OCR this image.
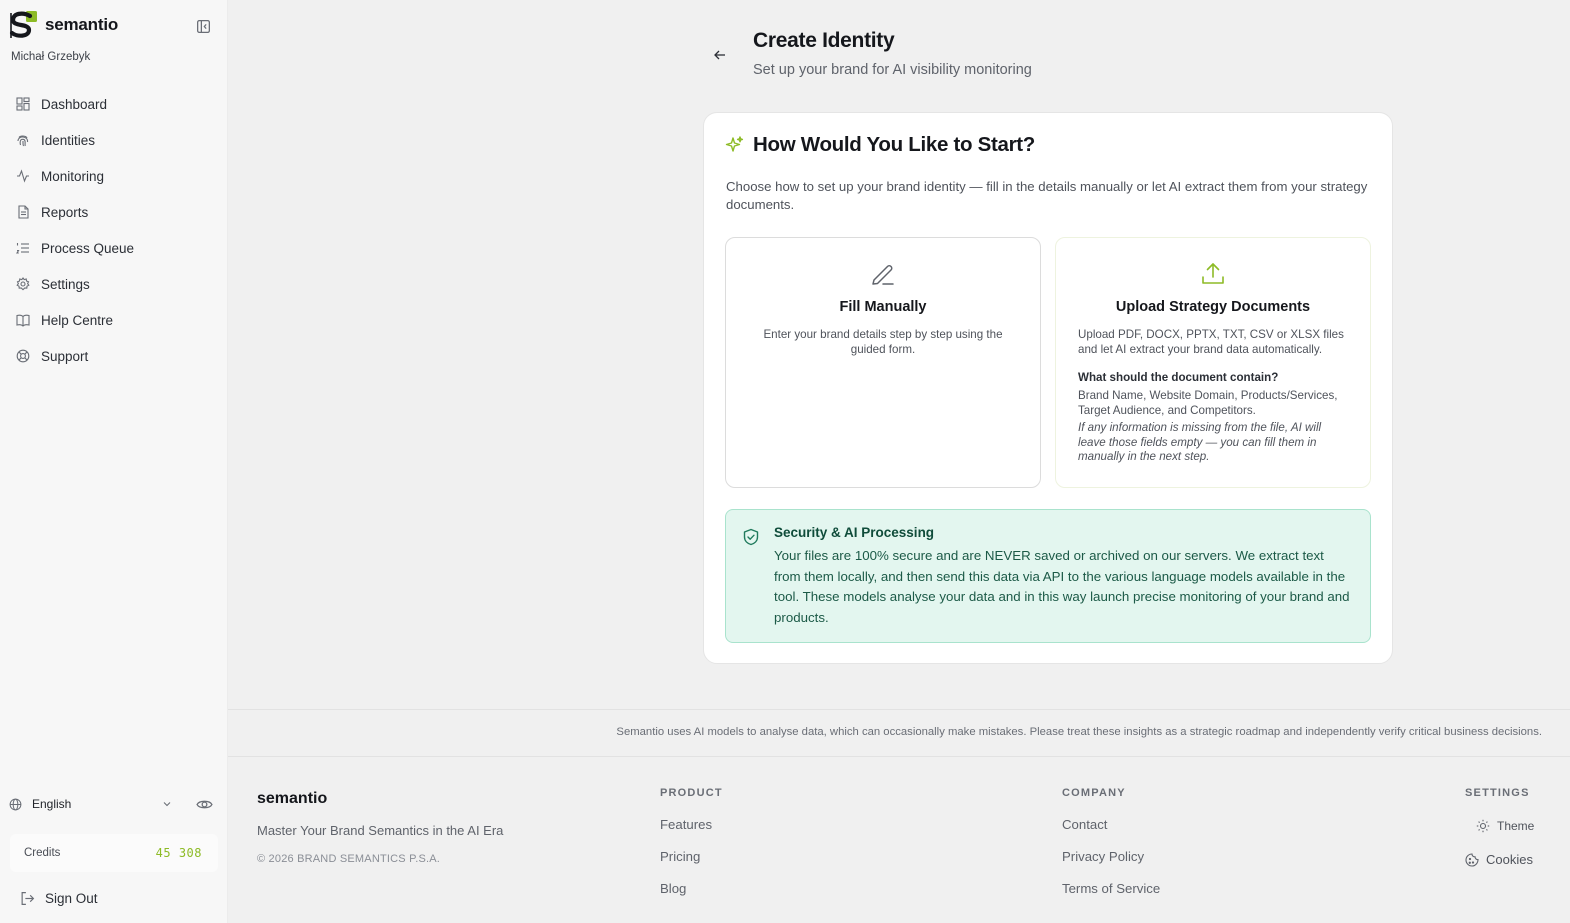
semantio
Michał Grzebyk
Dashboard
Identities
Monitoring
Reports
Process Queue
Settings
Help Centre
Support
English
Credits	45 308
Sign Out
Create Identity
Set up your brand for AI visibility monitoring
How Would You Like to Start?

Choose how to set up your brand identity — fill in the details manually or let AI extract them from your strategy documents.

Fill Manually
Enter your brand details step by step using the guided form.
Upload Strategy Documents
Upload PDF, DOCX, PPTX, TXT, CSV or XLSX files and let AI extract your brand data automatically.
What should the document contain?
Brand Name, Website Domain, Products/Services, Target Audience, and Competitors.
If any information is missing from the file, AI will leave those fields empty — you can fill them in manually in the next step.
Security & AI Processing
Your files are 100% secure and are NEVER saved or archived on our servers. We extract text from them locally, and then send this data via API to the various language models available in the tool. These models analyse your data and in this way launch precise monitoring of your brand and products.
Semantio uses AI models to analyse data, which can occasionally make mistakes. Please treat these insights as a strategic roadmap and independently verify critical business decisions.
semantio
Master Your Brand Semantics in the AI Era
© 2026 BRAND SEMANTICS P.S.A.
PRODUCT
Features
Pricing
Blog
COMPANY
Contact
Privacy Policy
Terms of Service
SETTINGS
Theme
Cookies
